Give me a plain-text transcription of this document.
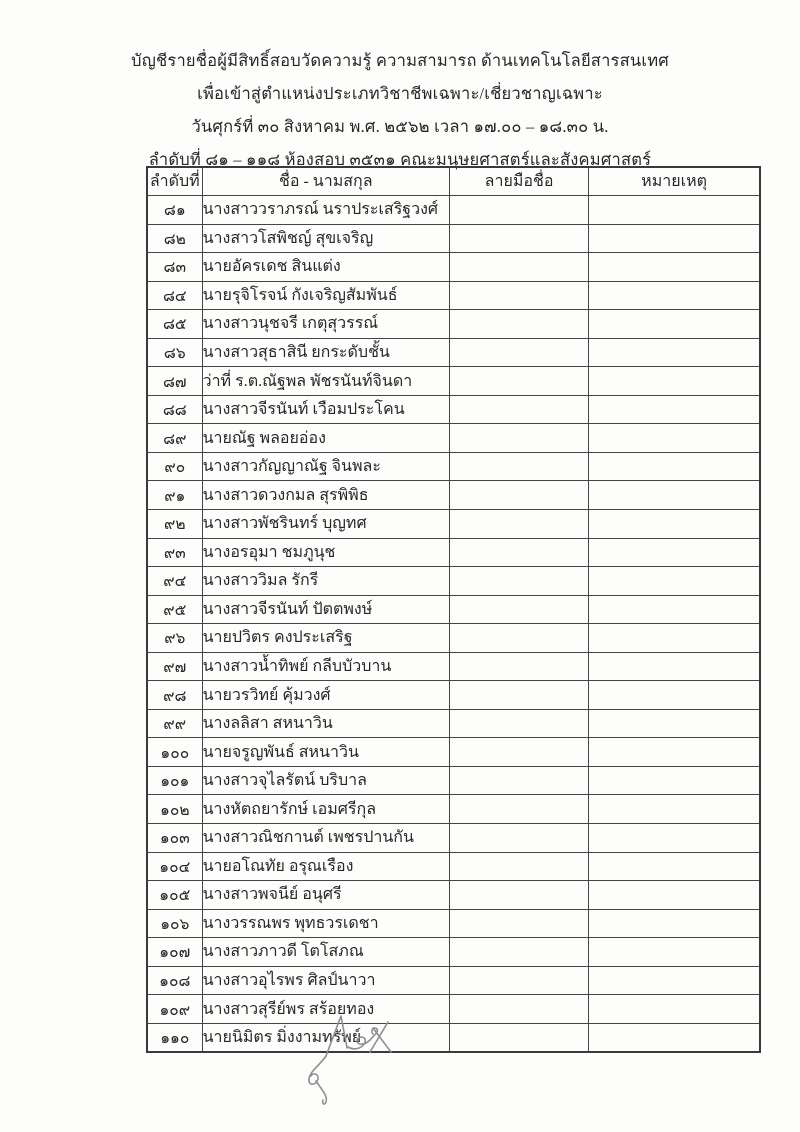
บัญชีรายชื่อผู้มีสิทธิ์สอบวัดความรู้ ความสามารถ ด้านเทคโนโลยีสารสนเทศ
เพื่อเข้าสู่ตำแหน่งประเภทวิชาชีพเฉพาะ/เชี่ยวชาญเฉพาะ
วันศุกร์ที่ ๓๐ สิงหาคม พ.ศ. ๒๕๖๒ เวลา ๑๗.๐๐ – ๑๘.๓๐ น.
ลำดับที่ ๘๑ – ๑๑๘ ห้องสอบ ๓๕๓๑ คณะมนุษยศาสตร์และสังคมศาสตร์
ลำดับที่	ชื่อ - นามสกุล	ลายมือชื่อ	หมายเหตุ
๘๑	นางสาววราภรณ์ นราประเสริฐวงศ์		
๘๒	นางสาวโสพิชญ์ สุขเจริญ		
๘๓	นายอัครเดช สินแต่ง		
๘๔	นายรุจิโรจน์ กังเจริญสัมพันธ์		
๘๕	นางสาวนุชจรี เกตุสุวรรณ์		
๘๖	นางสาวสุธาสินี ยกระดับชั้น		
๘๗	ว่าที่ ร.ต.ณัฐพล พัชรนันท์จินดา		
๘๘	นางสาวจีรนันท์ เวือมประโคน		
๘๙	นายณัฐ พลอยอ่อง		
๙๐	นางสาวกัญญาณัฐ จินพละ		
๙๑	นางสาวดวงกมล สุรพิพิธ		
๙๒	นางสาวพัชรินทร์ บุญทศ		
๙๓	นางอรอุมา ชมภูนุช		
๙๔	นางสาววิมล รักรี		
๙๕	นางสาวจีรนันท์ ปัตตพงษ์		
๙๖	นายปวิตร คงประเสริฐ		
๙๗	นางสาวน้ำทิพย์ กลีบบัวบาน		
๙๘	นายวรวิทย์ คุ้มวงศ์		
๙๙	นางลลิสา สหนาวิน		
๑๐๐	นายจรูญพันธ์ สหนาวิน		
๑๐๑	นางสาวจุไลรัตน์ บริบาล		
๑๐๒	นางหัตถยารักษ์ เอมศรีกุล		
๑๐๓	นางสาวณิชกานต์ เพชรปานกัน		
๑๐๔	นายอโณทัย อรุณเรือง		
๑๐๕	นางสาวพจนีย์ อนุศรี		
๑๐๖	นางวรรณพร พุทธวรเดชา		
๑๐๗	นางสาวภาวดี โตโสภณ		
๑๐๘	นางสาวอุไรพร ศิลป์นาวา		
๑๐๙	นางสาวสุรีย์พร สร้อยทอง		
๑๑๐	นายนิมิตร มิ่งงามทรัพย์		
